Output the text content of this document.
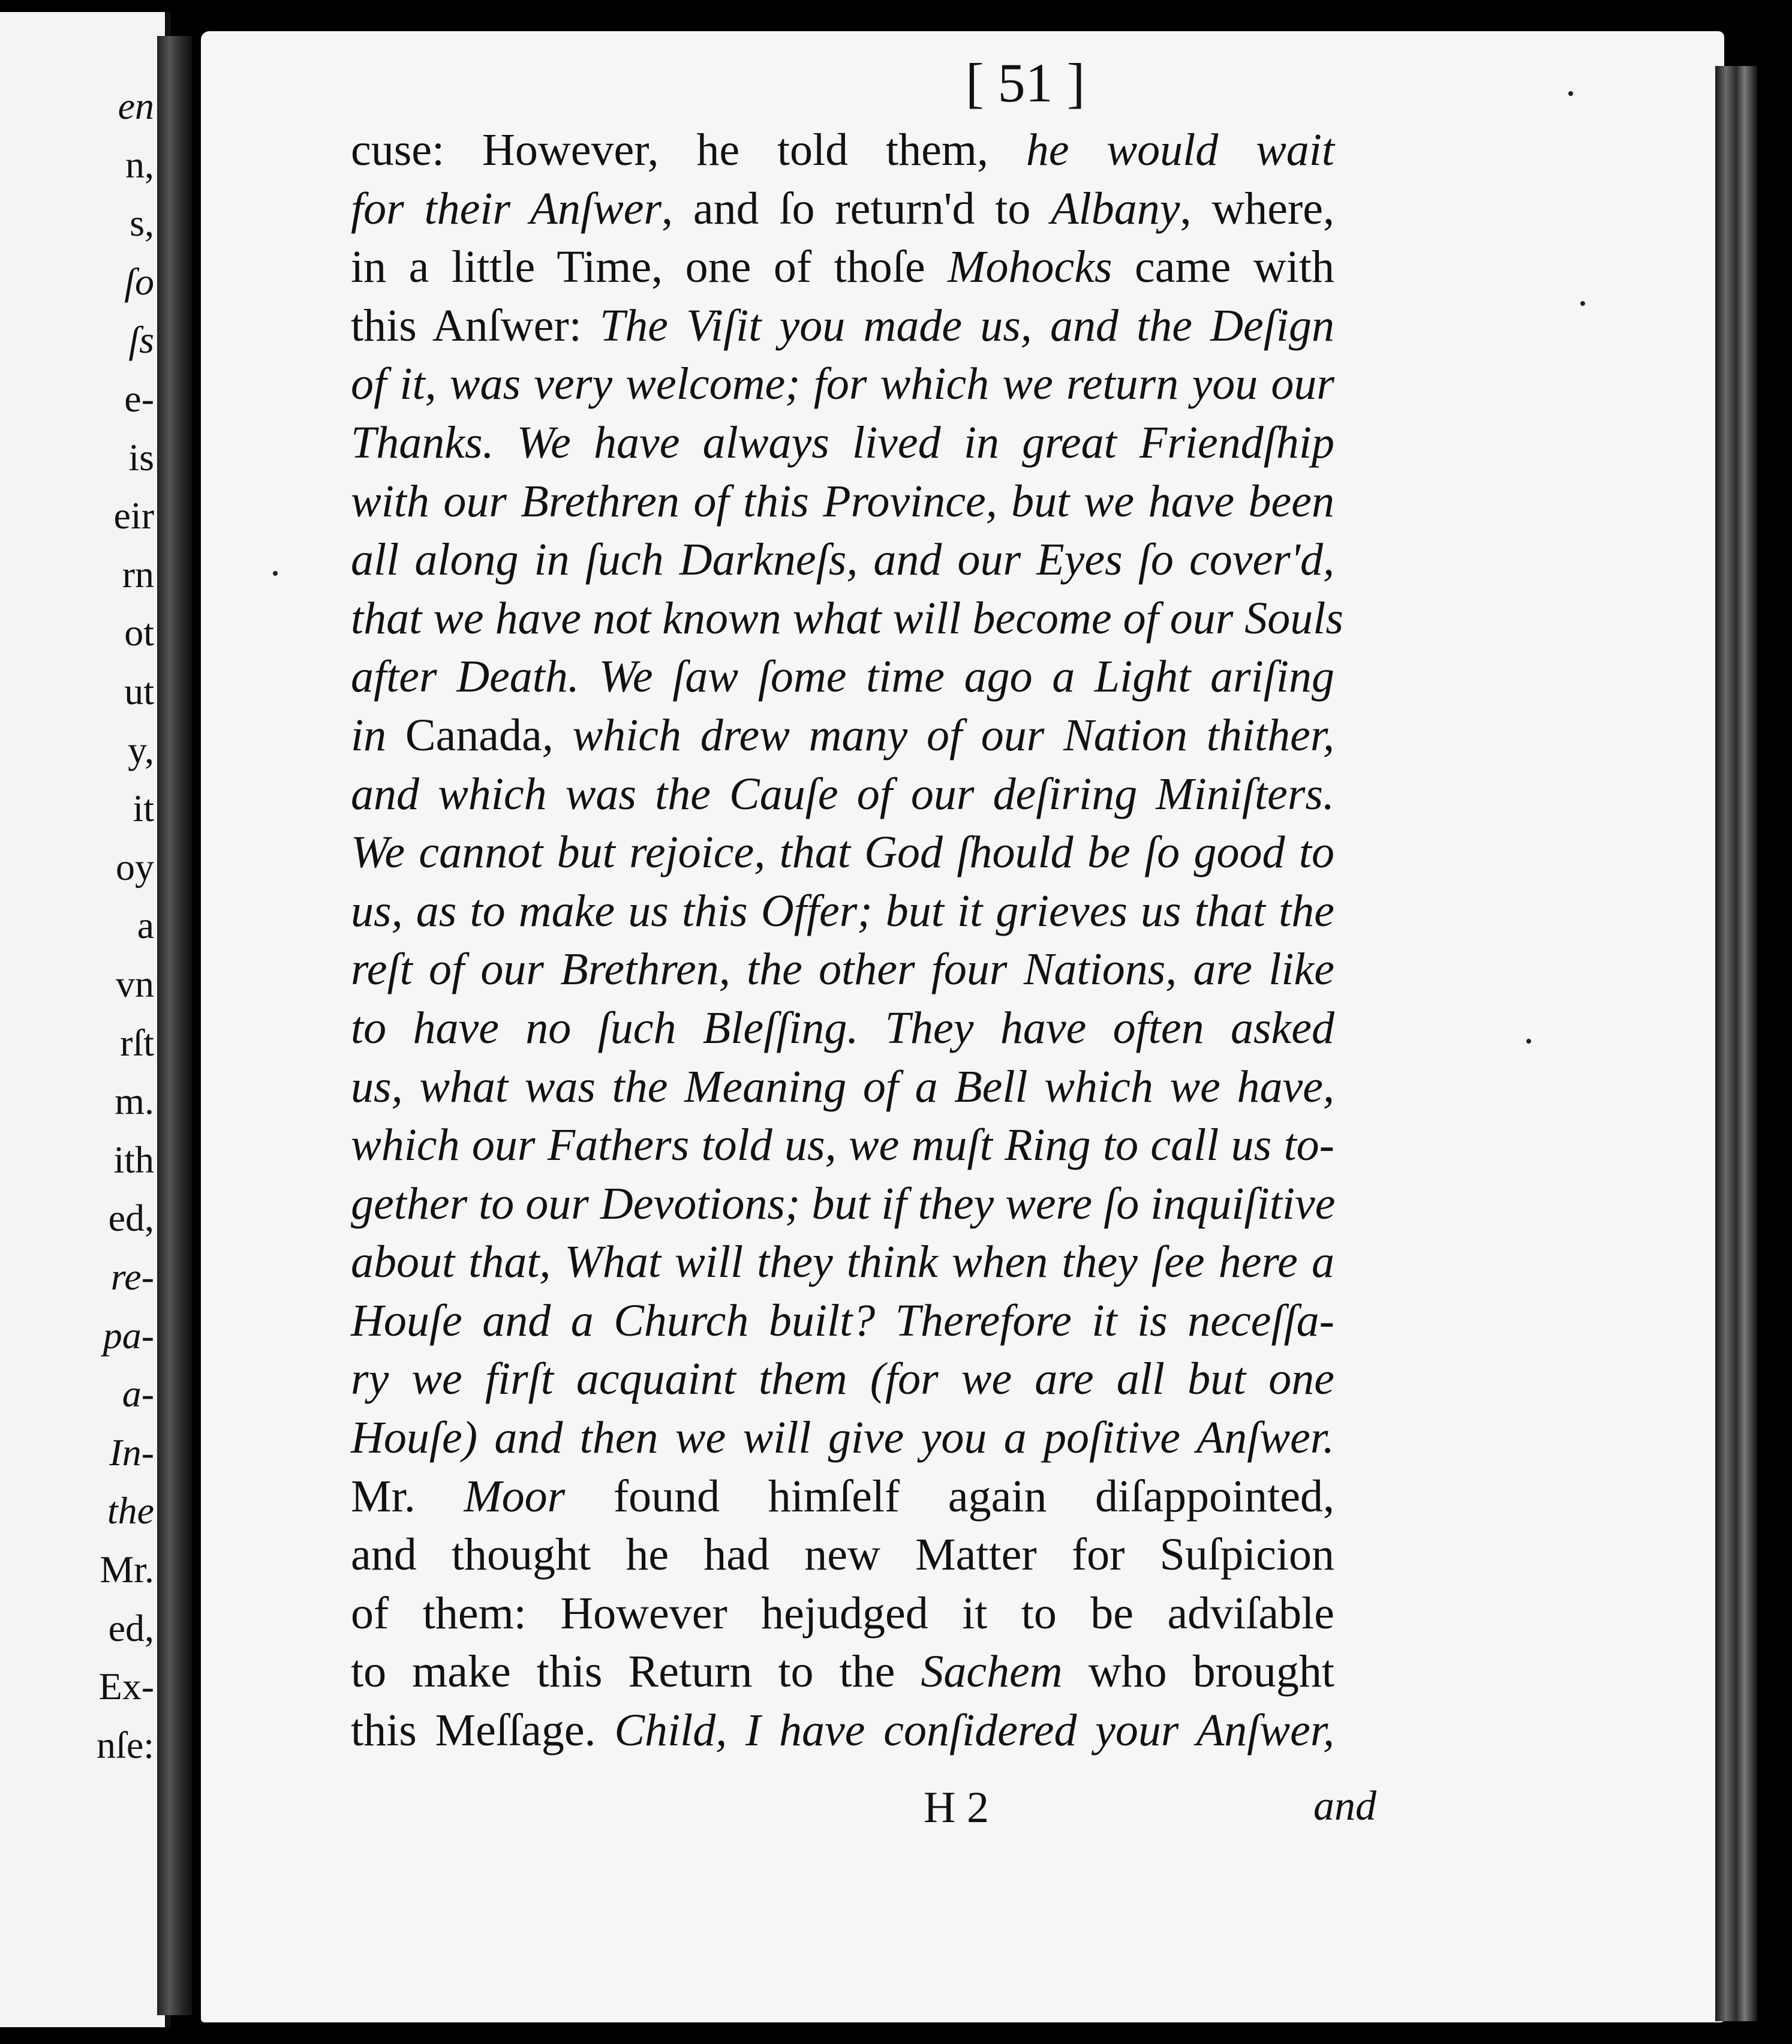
en
n,
s,
ſo
ſs
e-
is
eir
rn
ot
ut
y,
it
oy
a
vn
rſt
m.
ith
ed,
re-
pa-
a-
In-
the
Mr.
ed,
Ex-
nſe:
[ 51 ]
cuse: However, he told them, he would wait
for their Anſwer, and ſo return'd to Albany, where,
in a little Time, one of thoſe Mohocks came with
this Anſwer: The Viſit you made us, and the Deſign
of it, was very welcome; for which we return you our
Thanks. We have always lived in great Friendſhip
with our Brethren of this Province, but we have been
all along in ſuch Darkneſs, and our Eyes ſo cover'd,
that we have not known what will become of our Souls
after Death. We ſaw ſome time ago a Light ariſing
in Canada, which drew many of our Nation thither,
and which was the Cauſe of our deſiring Miniſters.
We cannot but rejoice, that God ſhould be ſo good to
us, as to make us this Offer; but it grieves us that the
reſt of our Brethren, the other four Nations, are like
to have no ſuch Bleſſing. They have often asked
us, what was the Meaning of a Bell which we have,
which our Fathers told us, we muſt Ring to call us to-
gether to our Devotions; but if they were ſo inquiſitive
about that, What will they think when they ſee here a
Houſe and a Church built? Therefore it is neceſſa-
ry we firſt acquaint them (for we are all but one
Houſe) and then we will give you a poſitive Anſwer.
Mr. Moor found himſelf again diſappointed,
and thought he had new Matter for Suſpicion
of them: However hejudged it to be adviſable
to make this Return to the Sachem who brought
this Meſſage. Child, I have conſidered your Anſwer,
H 2	and
